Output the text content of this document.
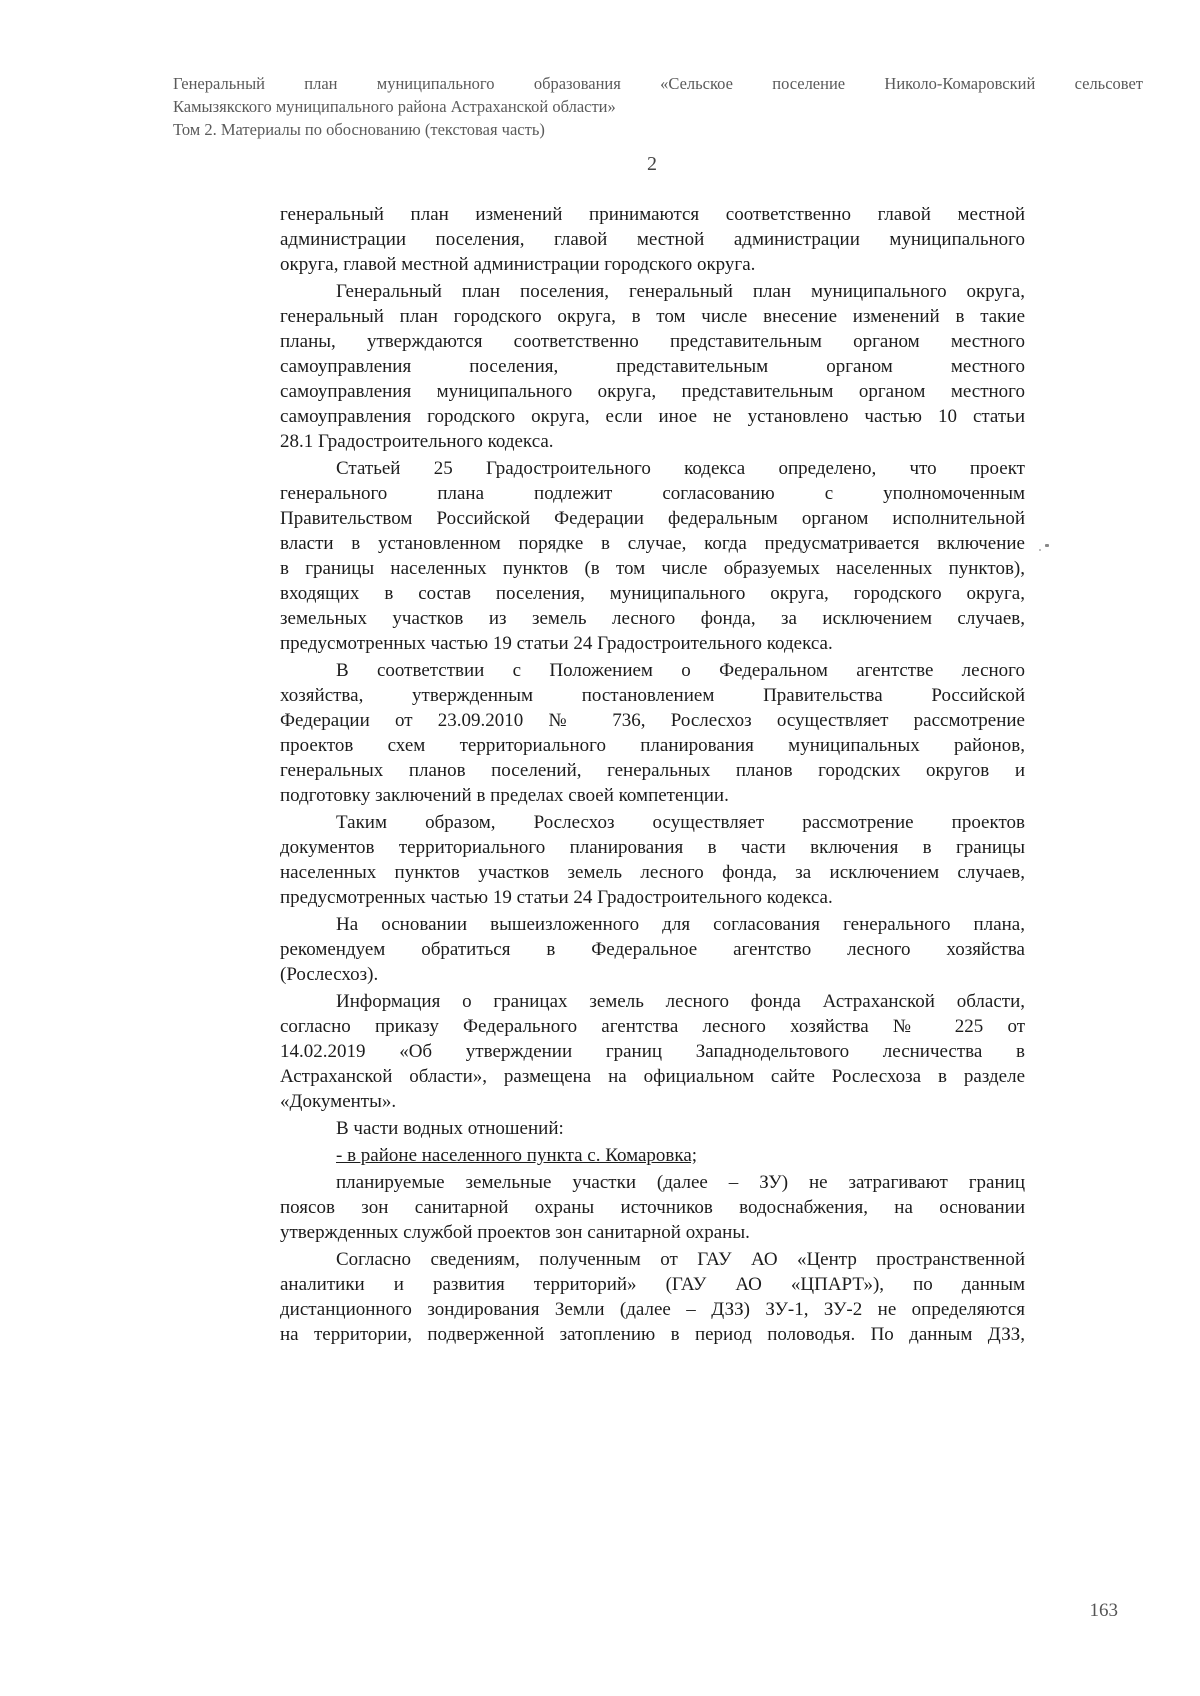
Генеральный план муниципального образования «Сельское поселение Николо-Комаровский сельсовет
Камызякского муниципального района Астраханской области»
Том 2. Материалы по обоснованию (текстовая часть)
2
генеральный план изменений принимаются соответственно главой местной
администрации поселения, главой местной администрации муниципального
округа, главой местной администрации городского округа.
Генеральный план поселения, генеральный план муниципального округа,
генеральный план городского округа, в том числе внесение изменений в такие
планы, утверждаются соответственно представительным органом местного
самоуправления поселения, представительным органом местного
самоуправления муниципального округа, представительным органом местного
самоуправления городского округа, если иное не установлено частью 10 статьи
28.1 Градостроительного кодекса.
Статьей 25 Градостроительного кодекса определено, что проект
генерального плана подлежит согласованию с уполномоченным
Правительством Российской Федерации федеральным органом исполнительной
власти в установленном порядке в случае, когда предусматривается включение
в границы населенных пунктов (в том числе образуемых населенных пунктов),
входящих в состав поселения, муниципального округа, городского округа,
земельных участков из земель лесного фонда, за исключением случаев,
предусмотренных частью 19 статьи 24 Градостроительного кодекса.
В соответствии с Положением о Федеральном агентстве лесного
хозяйства, утвержденным постановлением Правительства Российской
Федерации от 23.09.2010 № 736, Рослесхоз осуществляет рассмотрение
проектов схем территориального планирования муниципальных районов,
генеральных планов поселений, генеральных планов городских округов и
подготовку заключений в пределах своей компетенции.
Таким образом, Рослесхоз осуществляет рассмотрение проектов
документов территориального планирования в части включения в границы
населенных пунктов участков земель лесного фонда, за исключением случаев,
предусмотренных частью 19 статьи 24 Градостроительного кодекса.
На основании вышеизложенного для согласования генерального плана,
рекомендуем обратиться в Федеральное агентство лесного хозяйства
(Рослесхоз).
Информация о границах земель лесного фонда Астраханской области,
согласно приказу Федерального агентства лесного хозяйства № 225 от
14.02.2019 «Об утверждении границ Западнодельтового лесничества в
Астраханской области», размещена на официальном сайте Рослесхоза в разделе
«Документы».
В части водных отношений:
- в районе населенного пункта с. Комаровка;
планируемые земельные участки (далее – ЗУ) не затрагивают границ
поясов зон санитарной охраны источников водоснабжения, на основании
утвержденных службой проектов зон санитарной охраны.
Согласно сведениям, полученным от ГАУ АО «Центр пространственной
аналитики и развития территорий» (ГАУ АО «ЦПАРТ»), по данным
дистанционного зондирования Земли (далее – ДЗЗ) ЗУ-1, ЗУ-2 не определяются
на территории, подверженной затоплению в период половодья. По данным ДЗЗ,
163
